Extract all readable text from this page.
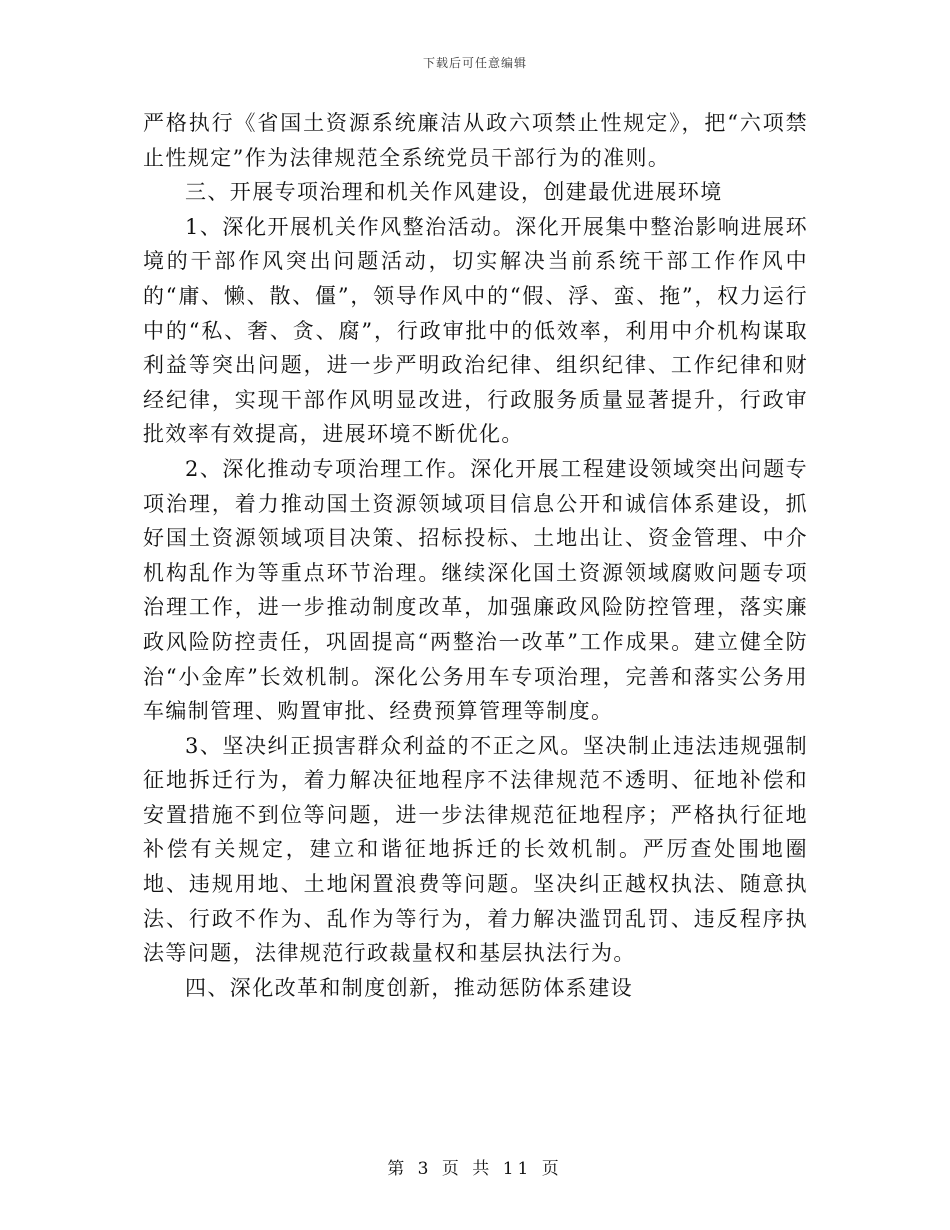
下载后可任意编辑

严格执行《省国土资源系统廉洁从政六项禁止性规定》，把“六项禁止性规定”作为法律规范全系统党员干部行为的准则。

三、开展专项治理和机关作风建设，创建最优进展环境

1、深化开展机关作风整治活动。深化开展集中整治影响进展环境的干部作风突出问题活动，切实解决当前系统干部工作作风中的“庸、懒、散、僵”，领导作风中的“假、浮、蛮、拖”，权力运行中的“私、奢、贪、腐”，行政审批中的低效率，利用中介机构谋取利益等突出问题，进一步严明政治纪律、组织纪律、工作纪律和财经纪律，实现干部作风明显改进，行政服务质量显著提升，行政审批效率有效提高，进展环境不断优化。

2、深化推动专项治理工作。深化开展工程建设领域突出问题专项治理，着力推动国土资源领域项目信息公开和诚信体系建设，抓好国土资源领域项目决策、招标投标、土地出让、资金管理、中介机构乱作为等重点环节治理。继续深化国土资源领域腐败问题专项治理工作，进一步推动制度改革，加强廉政风险防控管理，落实廉政风险防控责任，巩固提高“两整治一改革”工作成果。建立健全防治“小金库”长效机制。深化公务用车专项治理，完善和落实公务用车编制管理、购置审批、经费预算管理等制度。

3、坚决纠正损害群众利益的不正之风。坚决制止违法违规强制征地拆迁行为，着力解决征地程序不法律规范不透明、征地补偿和安置措施不到位等问题，进一步法律规范征地程序；严格执行征地补偿有关规定，建立和谐征地拆迁的长效机制。严厉查处围地圈地、违规用地、土地闲置浪费等问题。坚决纠正越权执法、随意执法、行政不作为、乱作为等行为，着力解决滥罚乱罚、违反程序执法等问题，法律规范行政裁量权和基层执法行为。

四、深化改革和制度创新，推动惩防体系建设

第 3 页 共 11 页
